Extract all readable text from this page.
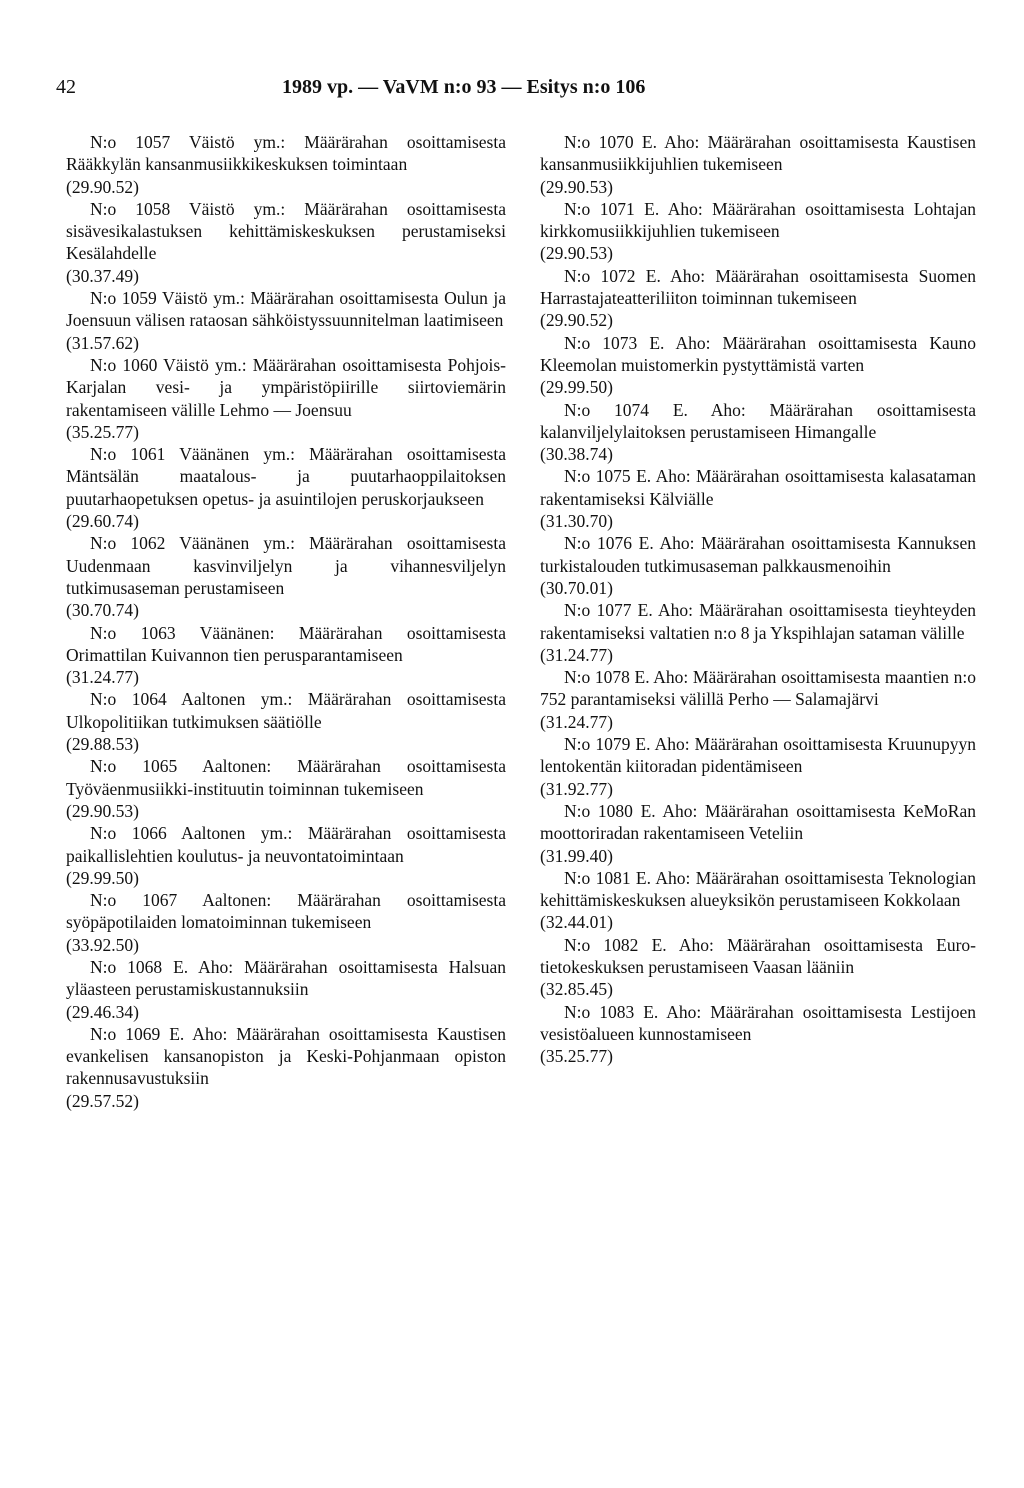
42	1989 vp. — VaVM n:o 93 — Esitys n:o 106

N:o 1057 Väistö ym.: Määrärahan osoittamisesta Rääkkylän kansanmusiikkikeskuksen toimintaan

(29.90.52)

N:o 1058 Väistö ym.: Määrärahan osoittamisesta sisävesikalastuksen kehittämiskeskuksen perustamiseksi Kesälahdelle

(30.37.49)

N:o 1059 Väistö ym.: Määrärahan osoittamisesta Oulun ja Joensuun välisen rataosan sähköistyssuunnitelman laatimiseen

(31.57.62)

N:o 1060 Väistö ym.: Määrärahan osoittamisesta Pohjois-Karjalan vesi- ja ympäristöpiirille siirtoviemärin rakentamiseen välille Lehmo — Joensuu

(35.25.77)

N:o 1061 Väänänen ym.: Määrärahan osoittamisesta Mäntsälän maatalous- ja puutarhaoppilaitoksen puutarhaopetuksen opetus- ja asuintilojen peruskorjaukseen

(29.60.74)

N:o 1062 Väänänen ym.: Määrärahan osoittamisesta Uudenmaan kasvinviljelyn ja vihannesviljelyn tutkimusaseman perustamiseen

(30.70.74)

N:o 1063 Väänänen: Määrärahan osoittamisesta Orimattilan Kuivannon tien perusparantamiseen

(31.24.77)

N:o 1064 Aaltonen ym.: Määrärahan osoittamisesta Ulkopolitiikan tutkimuksen säätiölle

(29.88.53)

N:o 1065 Aaltonen: Määrärahan osoittamisesta Työväenmusiikki-instituutin toiminnan tukemiseen

(29.90.53)

N:o 1066 Aaltonen ym.: Määrärahan osoittamisesta paikallislehtien koulutus- ja neuvontatoimintaan

(29.99.50)

N:o 1067 Aaltonen: Määrärahan osoittamisesta syöpäpotilaiden lomatoiminnan tukemiseen

(33.92.50)

N:o 1068 E. Aho: Määrärahan osoittamisesta Halsuan yläasteen perustamiskustannuksiin

(29.46.34)

N:o 1069 E. Aho: Määrärahan osoittamisesta Kaustisen evankelisen kansanopiston ja Keski-Pohjanmaan opiston rakennusavustuksiin

(29.57.52)

N:o 1070 E. Aho: Määrärahan osoittamisesta Kaustisen kansanmusiikkijuhlien tukemiseen

(29.90.53)

N:o 1071 E. Aho: Määrärahan osoittamisesta Lohtajan kirkkomusiikkijuhlien tukemiseen

(29.90.53)

N:o 1072 E. Aho: Määrärahan osoittamisesta Suomen Harrastajateatteriliiton toiminnan tukemiseen

(29.90.52)

N:o 1073 E. Aho: Määrärahan osoittamisesta Kauno Kleemolan muistomerkin pystyttämistä varten

(29.99.50)

N:o 1074 E. Aho: Määrärahan osoittamisesta kalanviljelylaitoksen perustamiseen Himangalle

(30.38.74)

N:o 1075 E. Aho: Määrärahan osoittamisesta kalasataman rakentamiseksi Kälviälle

(31.30.70)

N:o 1076 E. Aho: Määrärahan osoittamisesta Kannuksen turkistalouden tutkimusaseman palkkausmenoihin

(30.70.01)

N:o 1077 E. Aho: Määrärahan osoittamisesta tieyhteyden rakentamiseksi valtatien n:o 8 ja Ykspihlajan sataman välille

(31.24.77)

N:o 1078 E. Aho: Määrärahan osoittamisesta maantien n:o 752 parantamiseksi välillä Perho — Salamajärvi

(31.24.77)

N:o 1079 E. Aho: Määrärahan osoittamisesta Kruunupyyn lentokentän kiitoradan pidentämiseen

(31.92.77)

N:o 1080 E. Aho: Määrärahan osoittamisesta KeMoRan moottoriradan rakentamiseen Veteliin

(31.99.40)

N:o 1081 E. Aho: Määrärahan osoittamisesta Teknologian kehittämiskeskuksen alueyksikön perustamiseen Kokkolaan

(32.44.01)

N:o 1082 E. Aho: Määrärahan osoittamisesta Euro-tietokeskuksen perustamiseen Vaasan lääniin

(32.85.45)

N:o 1083 E. Aho: Määrärahan osoittamisesta Lestijoen vesistöalueen kunnostamiseen

(35.25.77)
